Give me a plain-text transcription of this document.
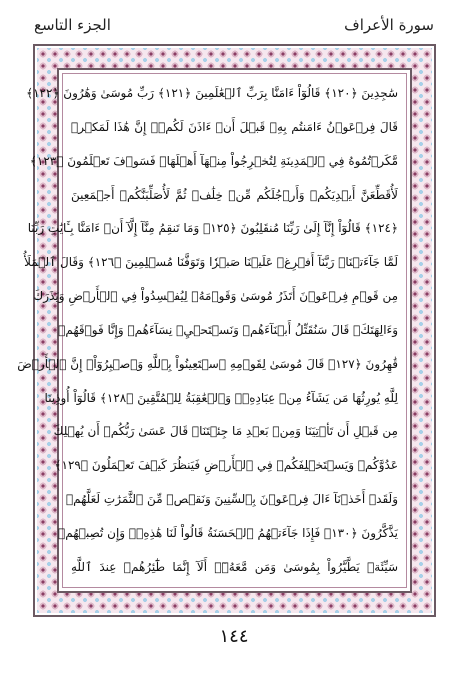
سورة الأعراف
الجزء التاسع
سَٰجِدِينَ ﴿١٢٠﴾ قَالُوٓاْ ءَامَنَّا بِرَبِّ ٱلۡعَٰلَمِينَ ﴿١٢١﴾ رَبِّ مُوسَىٰ وَهَٰرُونَ ﴿١٢٢﴾
قَالَ فِرۡعَوۡنُ ءَامَنتُم بِهِۦ قَبۡلَ أَنۡ ءَاذَنَ لَكُمۡۖ إِنَّ هَٰذَا لَمَكۡرٞ
مَّكَرۡتُمُوهُ فِي ٱلۡمَدِينَةِ لِتُخۡرِجُواْ مِنۡهَآ أَهۡلَهَاۖ فَسَوۡفَ تَعۡلَمُونَ ﴿١٢٣﴾
لَأُقَطِّعَنَّ أَيۡدِيَكُمۡ وَأَرۡجُلَكُم مِّنۡ خِلَٰفٖ ثُمَّ لَأُصَلِّبَنَّكُمۡ أَجۡمَعِينَ
﴿١٢٤﴾ قَالُوٓاْ إِنَّآ إِلَىٰ رَبِّنَا مُنقَلِبُونَ ﴿١٢٥﴾ وَمَا تَنقِمُ مِنَّآ إِلَّآ أَنۡ ءَامَنَّا بِـَٔايَٰتِ رَبِّنَا
لَمَّا جَآءَتۡنَاۚ رَبَّنَآ أَفۡرِغۡ عَلَيۡنَا صَبۡرٗا وَتَوَفَّنَا مُسۡلِمِينَ ﴿١٢٦﴾ وَقَالَ ٱلۡمَلَأُ
مِن قَوۡمِ فِرۡعَوۡنَ أَتَذَرُ مُوسَىٰ وَقَوۡمَهُۥ لِيُفۡسِدُواْ فِي ٱلۡأَرۡضِ وَيَذَرَكَ
وَءَالِهَتَكَۚ قَالَ سَنُقَتِّلُ أَبۡنَآءَهُمۡ وَنَسۡتَحۡيِۦ نِسَآءَهُمۡ وَإِنَّا فَوۡقَهُمۡ
قَٰهِرُونَ ﴿١٢٧﴾ قَالَ مُوسَىٰ لِقَوۡمِهِ ٱسۡتَعِينُواْ بِٱللَّهِ وَٱصۡبِرُوٓاْۖ إِنَّ ٱلۡأَرۡضَ
لِلَّهِ يُورِثُهَا مَن يَشَآءُ مِنۡ عِبَادِهِۦۖ وَٱلۡعَٰقِبَةُ لِلۡمُتَّقِينَ ﴿١٢٨﴾ قَالُوٓاْ أُوذِينَا
مِن قَبۡلِ أَن تَأۡتِيَنَا وَمِنۢ بَعۡدِ مَا جِئۡتَنَاۚ قَالَ عَسَىٰ رَبُّكُمۡ أَن يُهۡلِكَ
عَدُوَّكُمۡ وَيَسۡتَخۡلِفَكُمۡ فِي ٱلۡأَرۡضِ فَيَنظُرَ كَيۡفَ تَعۡمَلُونَ ﴿١٢٩﴾
وَلَقَدۡ أَخَذۡنَآ ءَالَ فِرۡعَوۡنَ بِٱلسِّنِينَ وَنَقۡصٖ مِّنَ ٱلثَّمَرَٰتِ لَعَلَّهُمۡ
يَذَّكَّرُونَ ﴿١٣٠﴾ فَإِذَا جَآءَتۡهُمُ ٱلۡحَسَنَةُ قَالُواْ لَنَا هَٰذِهِۦۖ وَإِن تُصِبۡهُمۡ
سَيِّئَةٞ يَطَّيَّرُواْ بِمُوسَىٰ وَمَن مَّعَهُۥٓۗ أَلَآ إِنَّمَا طَٰٓئِرُهُمۡ عِندَ ٱللَّهِ
١٤٤
